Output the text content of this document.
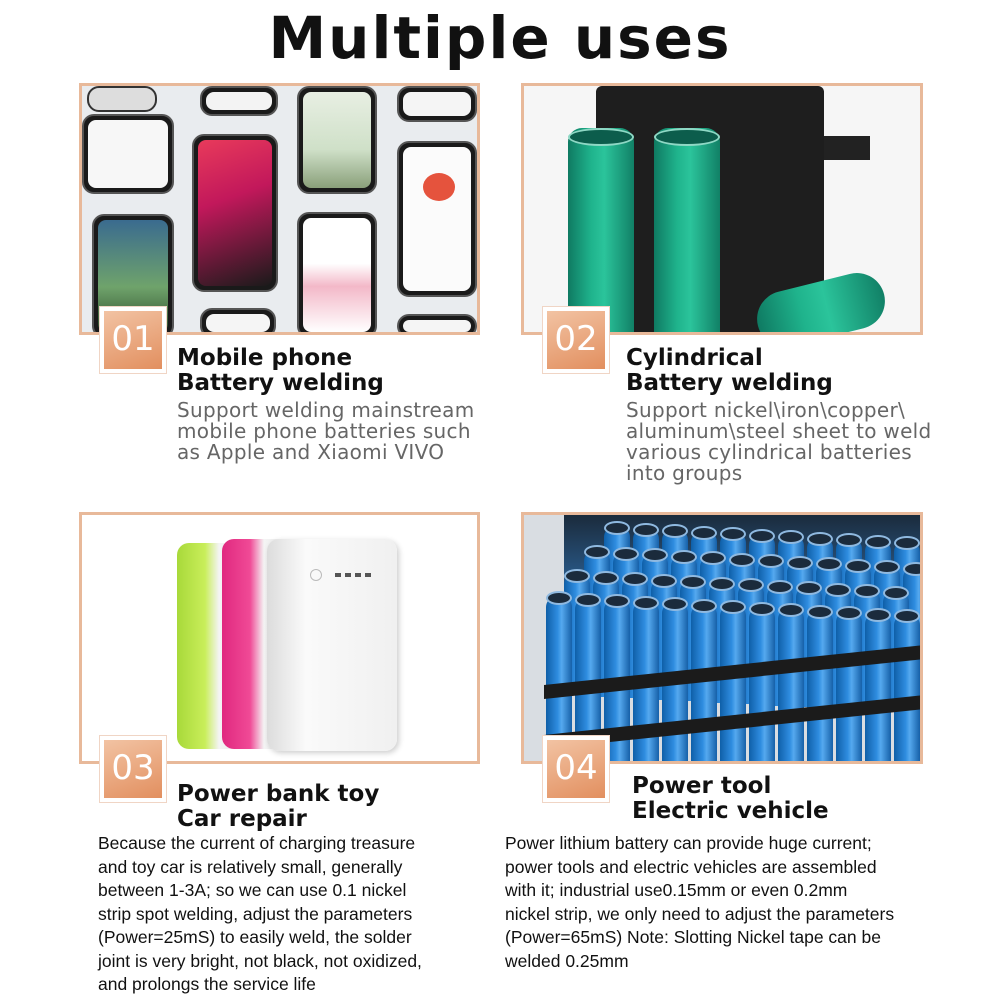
Multiple uses
01 Mobile phone
Battery welding
Support welding mainstream
mobile phone batteries such
as Apple and Xiaomi VIVO
02	Cylindrical
Battery welding
Support nickel\iron\copper\
aluminum\steel sheet to weld
various cylindrical batteries
into groups
03
Power bank toy
Car repair
Because the current of charging treasure
and toy car is relatively small, generally
between 1-3A; so we can use 0.1 nickel
strip spot welding, adjust the parameters
(Power=25mS) to easily weld, the solder
joint is very bright, not black, not oxidized,
and prolongs the service life
04	Power tool
Electric vehicle
Power lithium battery can provide huge current;
power tools and electric vehicles are assembled
with it; industrial use0.15mm or even 0.2mm
nickel strip, we only need to adjust the parameters
(Power=65mS) Note: Slotting Nickel tape can be
welded 0.25mm
